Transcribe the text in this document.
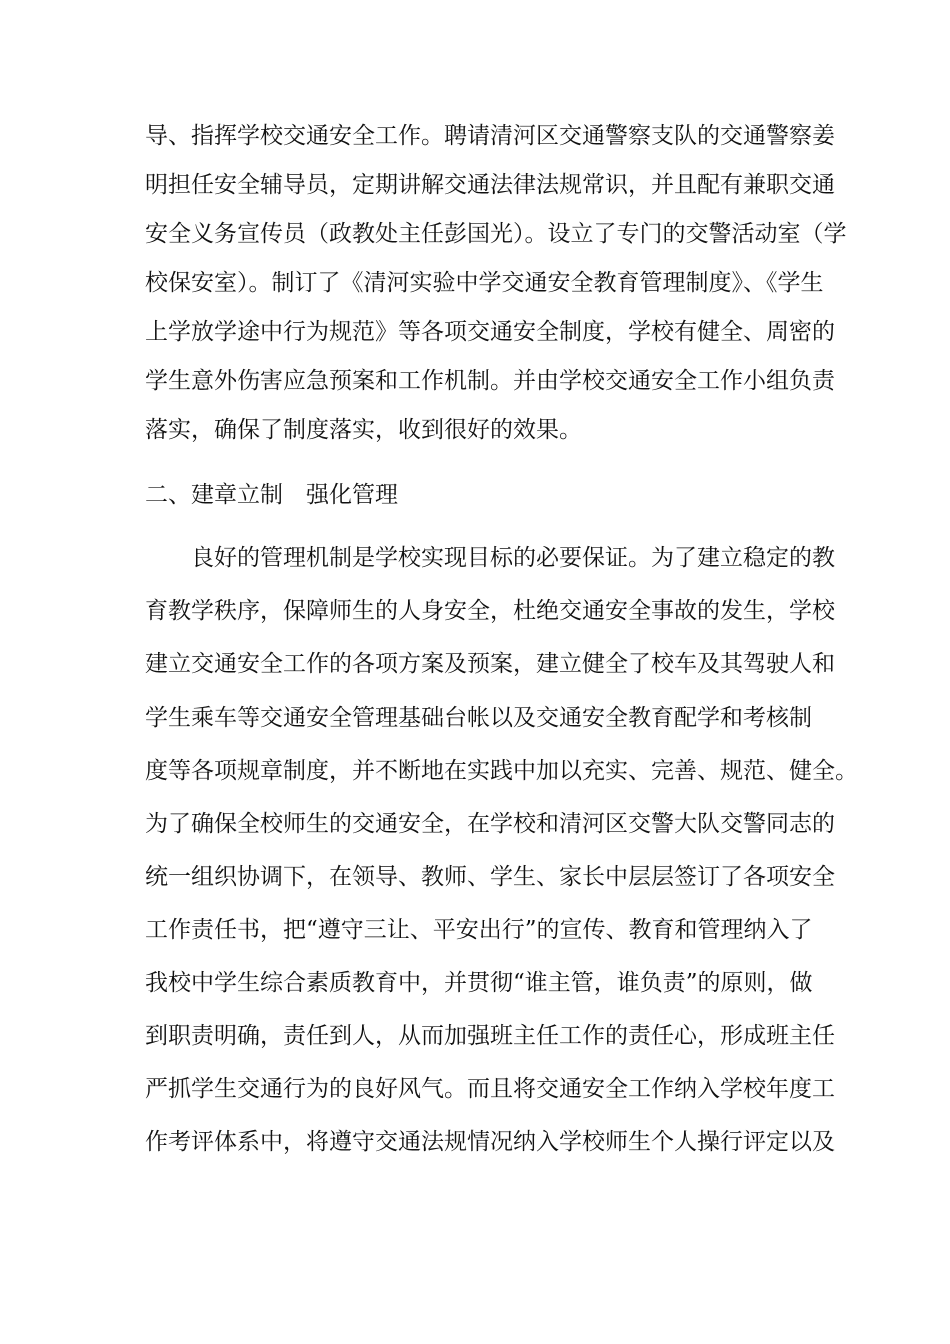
导、指挥学校交通安全工作。聘请清河区交通警察支队的交通警察姜
明担任安全辅导员，定期讲解交通法律法规常识，并且配有兼职交通
安全义务宣传员（政教处主任彭国光）。设立了专门的交警活动室（学
校保安室）。制订了《清河实验中学交通安全教育管理制度》、《学生
上学放学途中行为规范》等各项交通安全制度，学校有健全、周密的
学生意外伤害应急预案和工作机制。并由学校交通安全工作小组负责
落实，确保了制度落实，收到很好的效果。
二、建章立制　强化管理
良好的管理机制是学校实现目标的必要保证。为了建立稳定的教
育教学秩序，保障师生的人身安全，杜绝交通安全事故的发生，学校
建立交通安全工作的各项方案及预案，建立健全了校车及其驾驶人和
学生乘车等交通安全管理基础台帐以及交通安全教育配学和考核制
度等各项规章制度，并不断地在实践中加以充实、完善、规范、健全。
为了确保全校师生的交通安全，在学校和清河区交警大队交警同志的
统一组织协调下，在领导、教师、学生、家长中层层签订了各项安全
工作责任书，把“遵守三让、平安出行”的宣传、教育和管理纳入了
我校中学生综合素质教育中，并贯彻“谁主管，谁负责”的原则，做
到职责明确，责任到人，从而加强班主任工作的责任心，形成班主任
严抓学生交通行为的良好风气。而且将交通安全工作纳入学校年度工
作考评体系中，将遵守交通法规情况纳入学校师生个人操行评定以及
